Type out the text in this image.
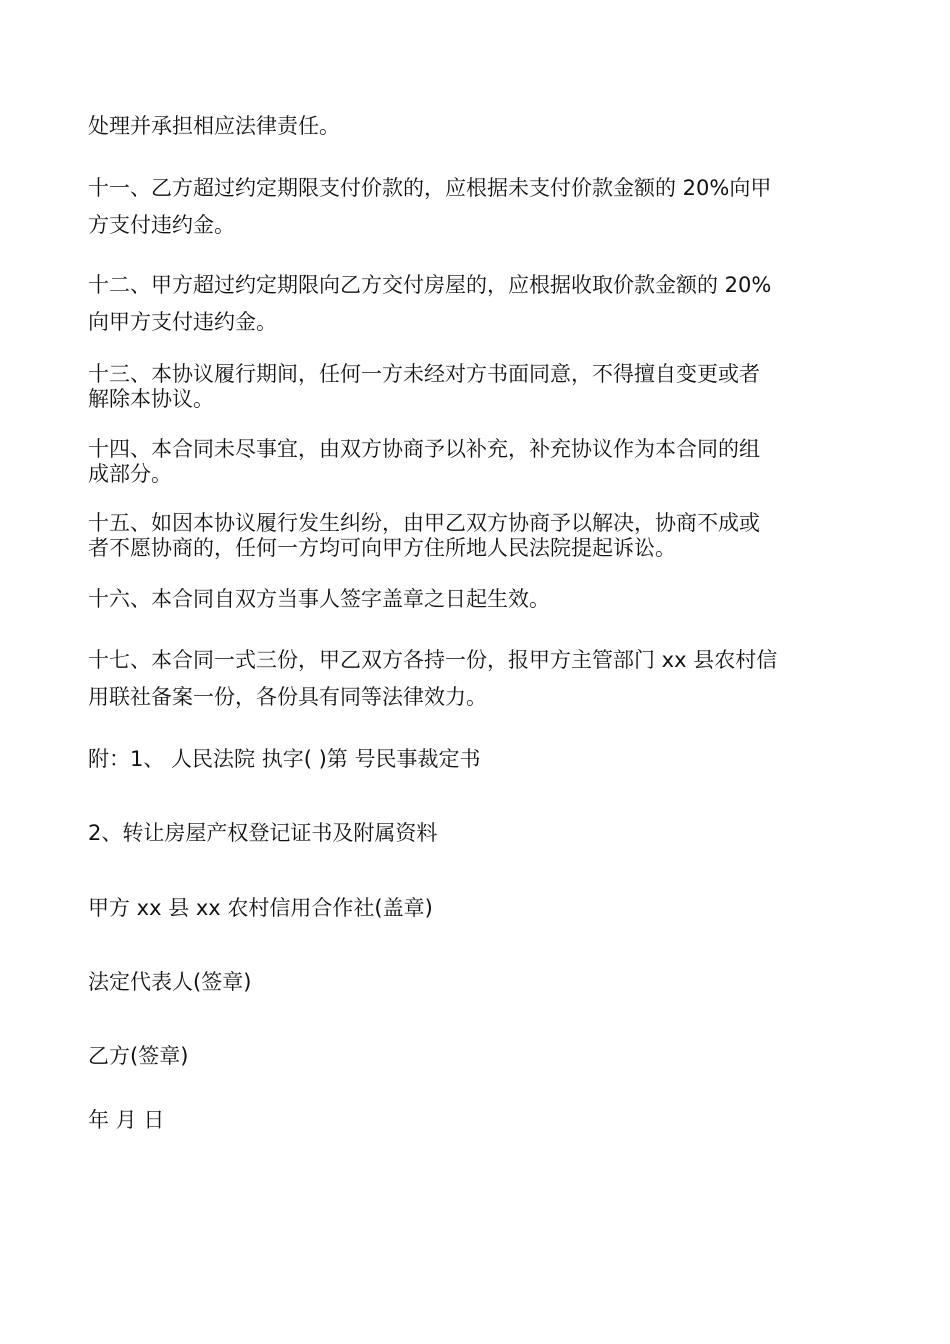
处理并承担相应法律责任。
十一、乙方超过约定期限支付价款的，应根据未支付价款金额的 20%向甲
方支付违约金。
十二、甲方超过约定期限向乙方交付房屋的，应根据收取价款金额的 20%
向甲方支付违约金。
十三、本协议履行期间，任何一方未经对方书面同意，不得擅自变更或者
解除本协议。
十四、本合同未尽事宜，由双方协商予以补充，补充协议作为本合同的组
成部分。
十五、如因本协议履行发生纠纷，由甲乙双方协商予以解决，协商不成或
者不愿协商的，任何一方均可向甲方住所地人民法院提起诉讼。
十六、本合同自双方当事人签字盖章之日起生效。
十七、本合同一式三份，甲乙双方各持一份，报甲方主管部门 xx 县农村信
用联社备案一份，各份具有同等法律效力。
附：1、 人民法院 执字( )第 号民事裁定书
2、转让房屋产权登记证书及附属资料
甲方 xx 县 xx 农村信用合作社(盖章)
法定代表人(签章)
乙方(签章)
年 月 日
